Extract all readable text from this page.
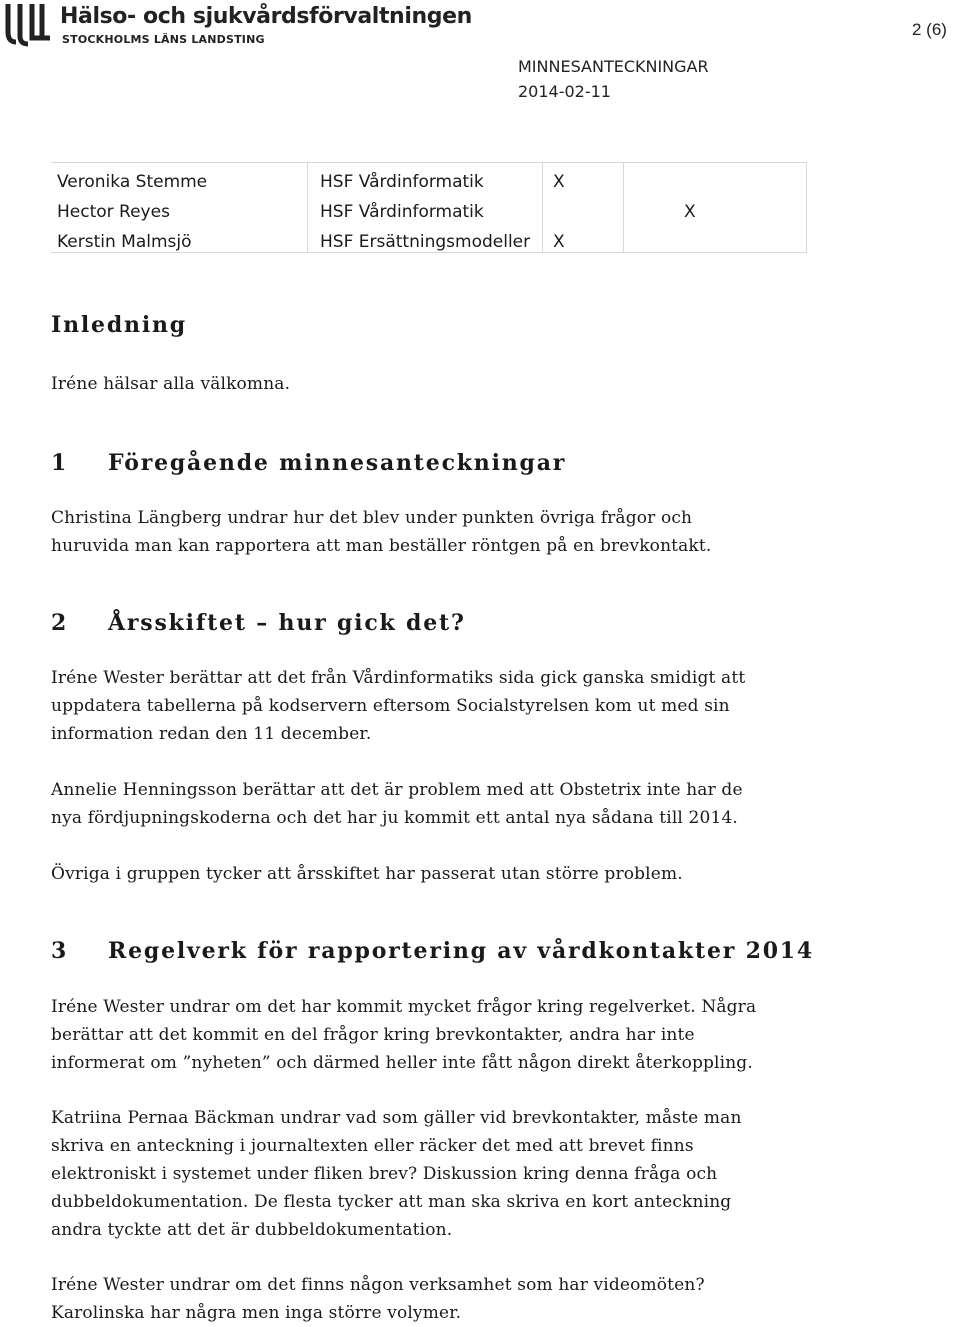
Hälso- och sjukvårdsförvaltningen
STOCKHOLMS LÄNS LANDSTING
2 (6)
MINNESANTECKNINGAR
2014-02-11
Veronika Stemme
Hector Reyes
Kerstin Malmsjö
HSF Vårdinformatik
HSF Vårdinformatik
HSF Ersättningsmodeller
X
X
X
Inledning

Iréne hälsar alla välkomna.

1 Föregående minnesanteckningar

Christina Längberg undrar hur det blev under punkten övriga frågor och

huruvida man kan rapportera att man beställer röntgen på en brevkontakt.

2 Årsskiftet – hur gick det?

Iréne Wester berättar att det från Vårdinformatiks sida gick ganska smidigt att

uppdatera tabellerna på kodservern eftersom Socialstyrelsen kom ut med sin

information redan den 11 december.

Annelie Henningsson berättar att det är problem med att Obstetrix inte har de

nya fördjupningskoderna och det har ju kommit ett antal nya sådana till 2014.

Övriga i gruppen tycker att årsskiftet har passerat utan större problem.

3 Regelverk för rapportering av vårdkontakter 2014

Iréne Wester undrar om det har kommit mycket frågor kring regelverket. Några

berättar att det kommit en del frågor kring brevkontakter, andra har inte

informerat om ”nyheten” och därmed heller inte fått någon direkt återkoppling.

Katriina Pernaa Bäckman undrar vad som gäller vid brevkontakter, måste man

skriva en anteckning i journaltexten eller räcker det med att brevet finns

elektroniskt i systemet under fliken brev? Diskussion kring denna fråga och

dubbeldokumentation. De flesta tycker att man ska skriva en kort anteckning

andra tyckte att det är dubbeldokumentation.

Iréne Wester undrar om det finns någon verksamhet som har videomöten?

Karolinska har några men inga större volymer.
